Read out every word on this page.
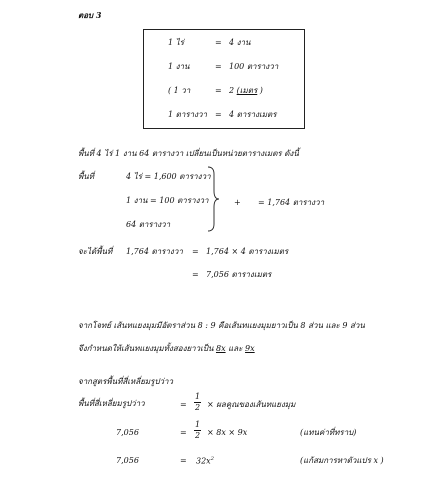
ตอบ 3
1 ไร่	= 4 งาน
1 งาน	= 100 ตารางวา
( 1 วา	= 2 (เมตร )
1 ตารางวา = 4 ตารางเมตร
พื้นที่ 4 ไร่ 1 งาน 64 ตารางวา เปลี่ยนเป็นหน่วยตารางเมตร ดังนี้
พื้นที่	4 ไร่ = 1,600 ตารางวา
1 งาน = 100 ตารางวา
64 ตารางวา
+ = 1,764 ตารางวา
จะได้พื้นที่ 1,764 ตารางวา = 1,764 × 4 ตารางเมตร
= 7,056 ตารางเมตร
จากโจทย์ เส้นทแยงมุมมีอัตราส่วน 8 : 9 คือเส้นทแยงมุมยาวเป็น 8 ส่วน และ 9 ส่วน
จึงกำหนดให้เส้นทแยงมุมทั้งสองยาวเป็น 8x และ 9x
จากสูตรพื้นที่สี่เหลี่ยมรูปว่าว
พื้นที่สี่เหลี่ยมรูปว่าว	= $\frac{1}{2}$ × ผลคูณของเส้นทแยงมุม
7,056	= $\frac{1}{2} \times 8x \times 9x$	(แทนค่าที่ทราบ)
7,056	= $32x^2$	(แก้สมการหาตัวแปร x )
